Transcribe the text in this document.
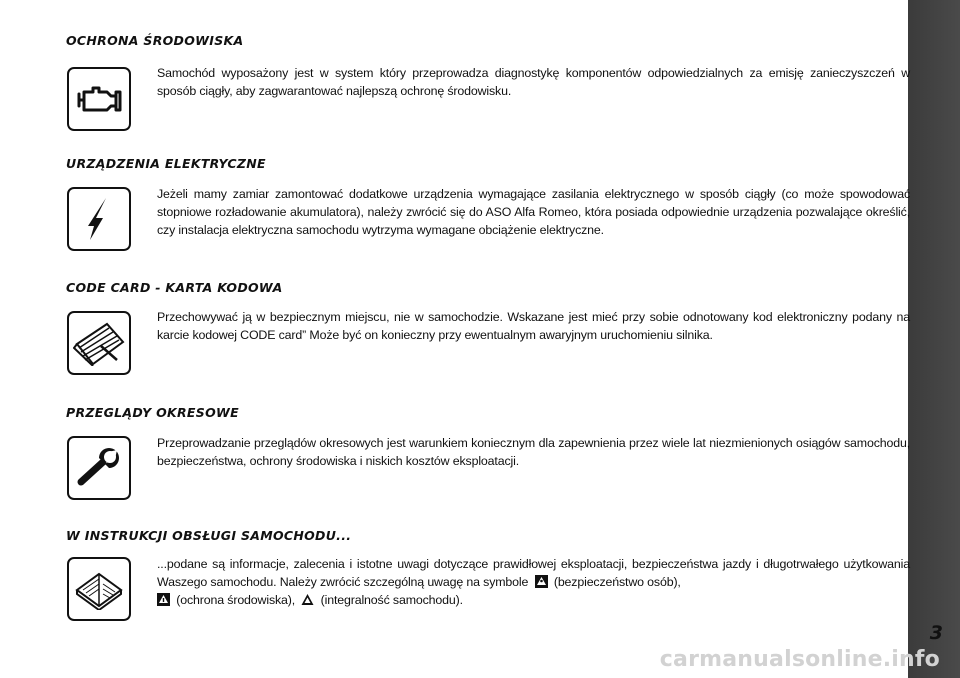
OCHRONA ŚRODOWISKA
Samochód wyposażony jest w system który przeprowadza diagnostykę komponentów odpowiedzialnych za emisję zanieczyszczeń w sposób ciągły, aby zagwarantować najlepszą ochronę środowisku.
URZĄDZENIA ELEKTRYCZNE
Jeżeli mamy zamiar zamontować dodatkowe urządzenia wymagające zasilania elektrycznego w sposób ciągły (co może spowodować stopniowe rozładowanie akumulatora), należy zwrócić się do ASO Alfa Romeo, która posiada odpowiednie urządzenia pozwalające określić, czy instalacja elektryczna samochodu wytrzyma wymagane obciążenie elektryczne.
CODE CARD - KARTA KODOWA
Przechowywać ją w bezpiecznym miejscu, nie w samochodzie. Wskazane jest mieć przy sobie odnotowany kod elektroniczny podany na karcie kodowej CODE card” Może być on konieczny przy ewentualnym awaryjnym uruchomieniu silnika.
PRZEGLĄDY OKRESOWE
Przeprowadzanie przeglądów okresowych jest warunkiem koniecznym dla zapewnienia przez wiele lat niezmienionych osiągów samochodu, bezpieczeństwa, ochrony środowiska i niskich kosztów eksploatacji.
W INSTRUKCJI OBSŁUGI SAMOCHODU...
...podane są informacje, zalecenia i istotne uwagi dotyczące prawidłowej eksploatacji, bezpieczeństwa jazdy i długotrwałego użytkowania Waszego samochodu. Należy zwrócić szczególną uwagę na symbole (bezpieczeństwo osób),
(ochrona środowiska), (integralność samochodu).
3
carmanualsonline.info
